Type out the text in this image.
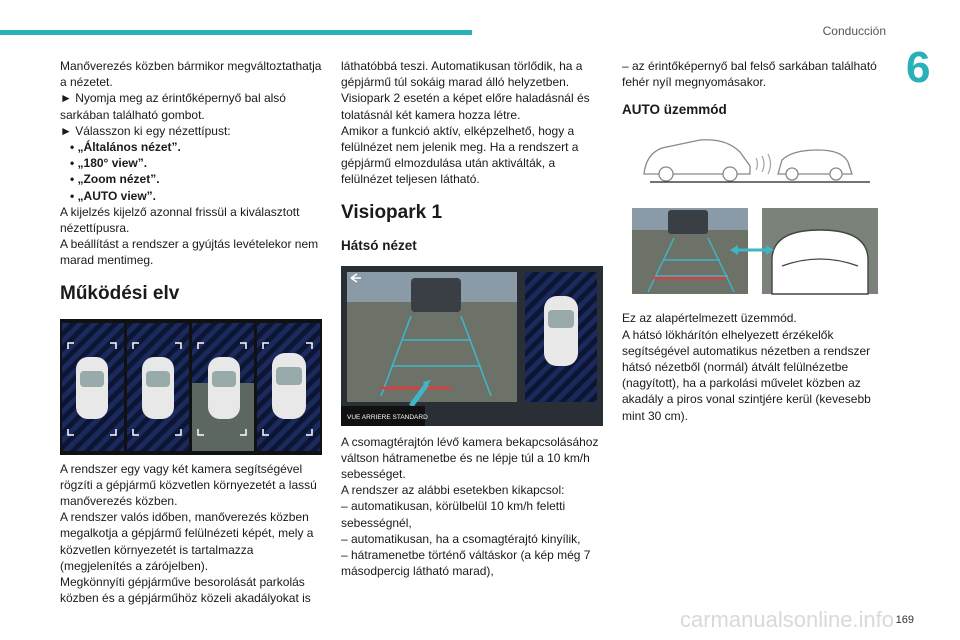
Conducción
6

Manőverezés közben bármikor megváltoztathatja a nézetet.

► Nyomja meg az érintőképernyő bal alsó sarkában található gombot.

► Válasszon ki egy nézettípust:

• „Általános nézet”.

• „180° view”.

• „Zoom nézet”.

• „AUTO view”.

A kijelzés kijelző azonnal frissül a kiválasztott nézettípusra.

A beállítást a rendszer a gyújtás levételekor nem marad mentimeg.

Működési elv

A rendszer egy vagy két kamera segítségével rögzíti a gépjármű közvetlen környezetét a lassú manőverezés közben.

A rendszer valós időben, manőverezés közben megalkotja a gépjármű felülnézeti képét, mely a közvetlen környezetét is tartalmazza (megjelenítés a zárójelben).

Megkönnyíti gépjárműve besorolását parkolás közben és a gépjárműhöz közeli akadályokat is

láthatóbbá teszi. Automatikusan törlődik, ha a gépjármű túl sokáig marad álló helyzetben.

Visiopark 2 esetén a képet előre haladásnál és tolatásnál két kamera hozza létre.

Amikor a funkció aktív, elképzelhető, hogy a felülnézet nem jelenik meg. Ha a rendszert a gépjármű elmozdulása után aktiválták, a felülnézet teljesen látható.

Visiopark 1
Hátsó nézet
VUE ARRIERE STANDARD

A csomagtérajtón lévő kamera bekapcsolásához váltson hátramenetbe és ne lépje túl a 10 km/h sebességet.

A rendszer az alábbi esetekben kikapcsol:

– automatikusan, körülbelül 10 km/h feletti sebességnél,

– automatikusan, ha a csomagtérajtó kinyílik,

– hátramenetbe történő váltáskor (a kép még 7 másodpercig látható marad),

– az érintőképernyő bal felső sarkában található fehér nyíl megnyomásakor.

AUTO üzemmód

Ez az alapértelmezett üzemmód.

A hátsó lökhárítón elhelyezett érzékelők segítségével automatikus nézetben a rendszer hátsó nézetből (normál) átvált felülnézetbe (nagyított), ha a parkolási művelet közben az akadály a piros vonal szintjére kerül (kevesebb mint 30 cm).

169
carmanualsonline.info
